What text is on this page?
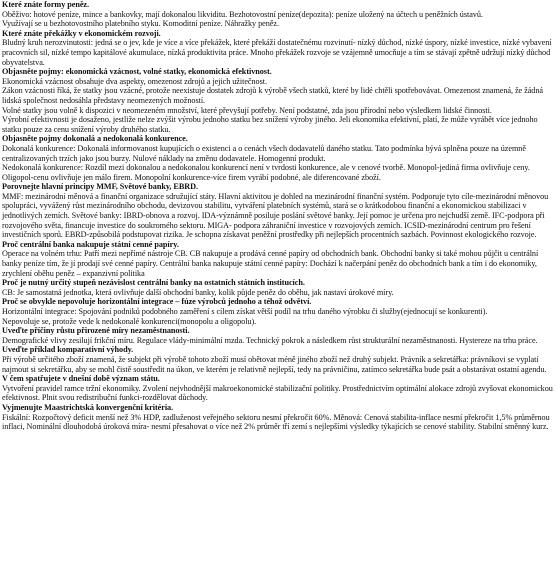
Které znáte formy peněz.
Oběživo: hotové peníze, mince a bankovky, mají dokonalou likviditu. Bezhotovostní peníze(depozita): peníze uložený na účtech u peněžních ústavů.
Využívají se u bezhotovostního platebního styku. Komoditní peníze. Náhražky peněz.
Které znáte překážky v ekonomickém rozvoji.
Bludný kruh nerozvinutosti: jedná se o jev, kde je více a více překážek, které překáží dostatečnému rozvinutí- nízký důchod, nízké úspory, nízké investice, nízké vybavení pracovních sil, nízké tempo kapitálové akumulace, nízká produktivita práce. Mnoho překážek rozvoje se vzájemně umocňuje a tím se stávají zpětně udržují nízký důchod obyvatelstva.
Objasněte pojmy: ekonomická vzácnost, volné statky, ekonomická efektivnost.
Ekonomická vzácnost obsahuje dva aspekty, omezenost zdrojů a jejich užitečnost.
Zákon vzácnosti říká, že statky jsou vzácné, protože neexistuje dostatek zdrojů k výrobě všech statků, které by lidé chtěli spotřebovávat. Omezenost znamená, že žádná lidská společnost nedosáhla představy neomezených možností.
Volné statky jsou volně k dispozici v neomezeném množství, které převyšují potřeby. Není podstatné, zda jsou přírodní nebo výsledkem lidské činnosti.
Výrobní efektivnosti je dosaženo, jestliže nelze zvýšit výrobu jednoho statku bez snížení výroby jiného. Jeli ekonomika efektivní, platí, že může vyrábět více jednoho statku pouze za cenu snížení výroby druhého statku.
Objasněte pojmy dokonalá a nedokonalá konkurence.
Dokonalá konkurence: Dokonalá informovanost kupujících o existenci a o cenách všech dodavatelů daného statku. Tato podmínka bývá splněna pouze na územně centralizovaných trzích jako jsou burzy. Nulové náklady na změnu dodavatele. Homogenní produkt.
Nedokonalá konkurence: Rozdíl mezi dokonalou a nedokonalou konkurencí není v tvrdosti konkurence, ale v cenové tvorbě. Monopol-jediná firma ovlivňuje ceny. Oligopol-cenu ovlivňuje jen málo firem. Monopolní konkurence-více firem vyrábí podobné, ale diferencované zboží.
Porovnejte hlavní principy MMF, Světové banky, EBRD.
MMF: mezinárodní měnová a finanční organizace sdružující státy. Hlavní aktivitou je dohled na mezinárodní finanční systém. Podporuje tyto cíle-mezinárodní měnovou spolupráci, vyvážený růst mezinárodního obchodu, devizovou stabilitu, vytváření platebních systémů, stará se o krátkodobou finanční a ekonomickou stabilizaci v jednotlivých zemích. Světové banky: IBRD-obnova a rozvoj. IDA-význámně posiluje poslání světové banky. Její pomoc je určena pro nejchudší země. IFC-podpora při rozvojového světa, financuje investice do soukromého sektoru. MIGA- podpora záhraniční investice v rozvojových zemích. ICSID-mezinárodní centrum pro řešení investičních sporů. EBRD-způsobilá podstupovat rizika. Je schopna získavat peněžní prostředky při nejlepších procentních sazbách. Povinnost ekologického rozvoje.
Proč centrální banka nakupuje státní cenné papíry.
Operace na volném trhu: Patří mezi nepřímé nástroje CB. CB nakupuje a prodává cenné papíry od obchodních bank. Obchodní banky si také mohou půjčit u centrální banky peníze tím, že jí prodají své cenné papíry. Centrální banka nakupuje státní cenné papíry: Dochází k načerpání peněz do obchodních bank a tím i do ekonomiky, zrychlení oběhu peněz – expanzivní politika
Proč je nutný určitý stupeň nezávislost centrální banky na ostatních státních institucích.
CB: Je samostatná jednotka, která ovlivňuje další obchodní banky, kolik půjde peněz do oběhu, jak nastaví úrokové míry.
Proč se obvykle nepovoluje horizontální integrace – fúze výrobců jednoho a téhož odvětví.
Horizontální integrace: Spojování podniků podobného zaměření s cílem získat větší podíl na trhu daného výrobku či služby(ejednocují se konkurenti).
Nepovoluje se, protože vede k nedokonalé konkurenci(monopolu a oligopolu).
Uveďte příčiny růstu přirozené míry nezaměstnanosti.
Demografické vlivy zesilují frikční míru. Regulace vlády-minimální mzda. Technický pokrok a následkem růst strukturální nezaměstnanosti. Hystereze na trhu práce.
Uveďte příklad komparativní výhody.
Při výrobě určitého zboží znamená, že subjekt při výrobě tohoto zboží musí obětovat méně jiného zboží než druhý subjekt. Právník a sekretářka: právníkovi se vyplatí najmout si sekretářku, aby se mohl čistě soustředit na úkon, ve kterém je relativně nejlepší, tedy na právničinu, zatímco sekretářka bude psát a obstarávat ostatní agendu.
V čem spatřujete v dnešní době význam státu.
Vytvoření pravidel ramce tržní ekonomiky. Zvolení nejvhodnější makroekonomické stabilizační politiky. Prostřednictvím optimální alokace zdrojů zvyšovat ekonomickou efektivnost. Plnit svou redistribuční funkci-rozdělovat důchody.
Vyjmenujte Maastrichtská konvergenční kritéria.
Fiskální: Rozpočtový deficit menší než 3% HDP, zadluženost veřejného sektoru nesmí překročit 60%. Měnová: Cenová stabilita-inflace nesmí překročit 1,5% průměrnou inflaci, Nominální dlouhodobá úroková míra- nesmí přesahovat o více než 2% průměr tří zemí s nejlepšími výsledky týkajících se cenové stability. Stabilní směnný kurz.
